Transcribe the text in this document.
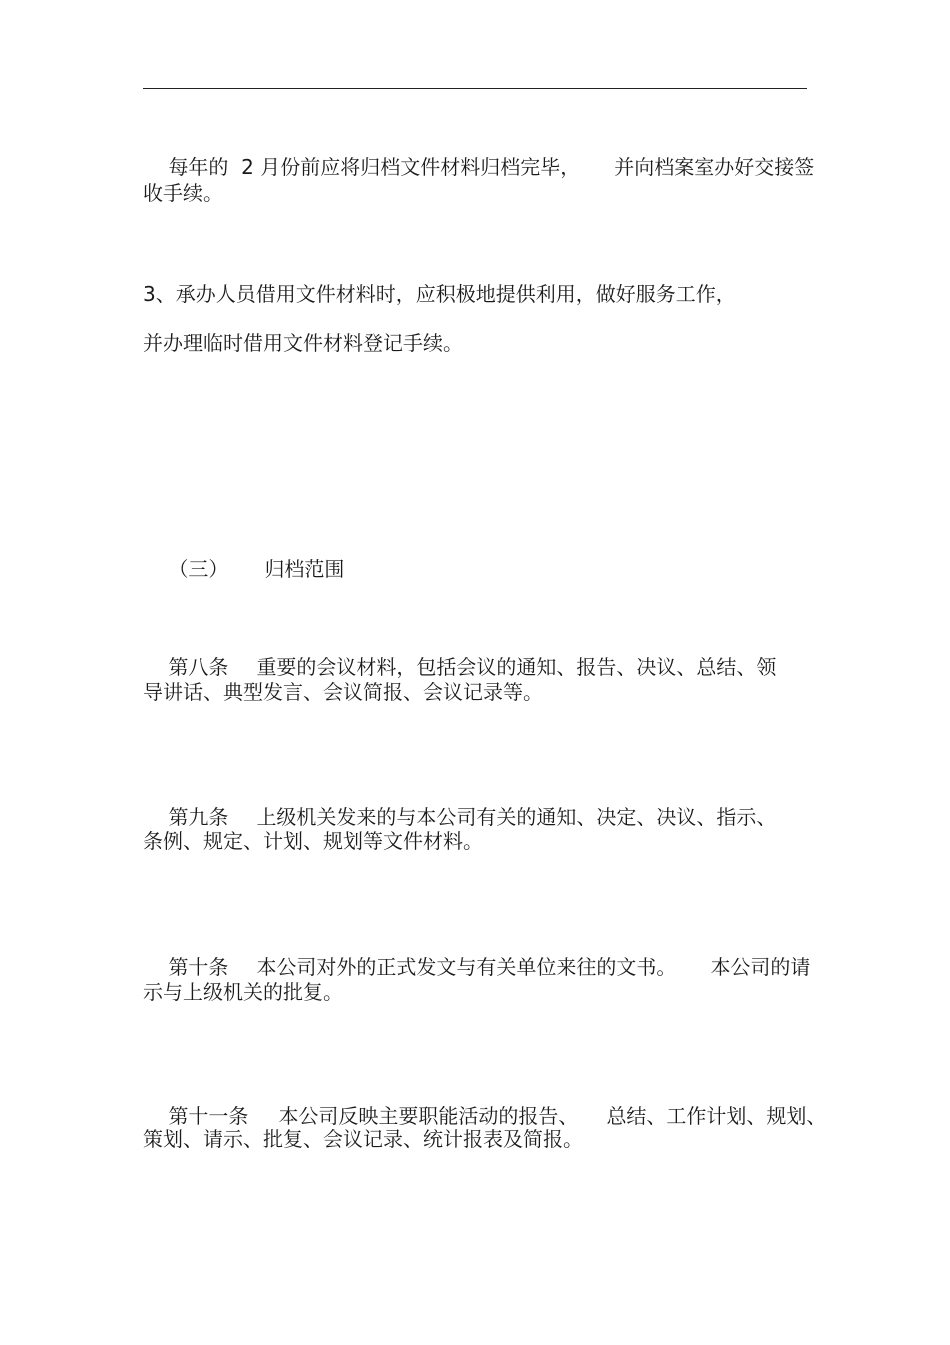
每年的  2 月份前应将归档文件材料归档完毕， 并向档案室办好交接签

收手续。
3、承办人员借用文件材料时，应积极地提供利用，做好服务工作，
并办理临时借用文件材料登记手续。

（三） 归档范围

第八条 重要的会议材料，包括会议的通知、报告、决议、总结、领

导讲话、典型发言、会议简报、会议记录等。

第九条 上级机关发来的与本公司有关的通知、决定、决议、指示、

条例、规定、计划、规划等文件材料。

第十条 本公司对外的正式发文与有关单位来往的文书。 本公司的请

示与上级机关的批复。

第十一条 本公司反映主要职能活动的报告、 总结、工作计划、规划、

策划、请示、批复、会议记录、统计报表及简报。
